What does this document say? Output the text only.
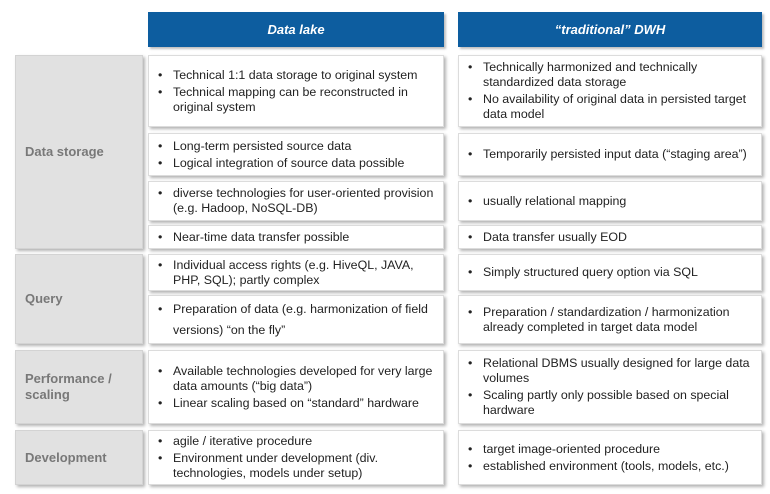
Data lake	“traditional” DWH
Data storage
Query
Performance / scaling
Development
• Technical 1:1 data storage to original system
• Technical mapping can be reconstructed in original system
• Technically harmonized and technically standardized data storage
• No availability of original data in persisted target data model
• Long-term persisted source data
• Logical integration of source data possible
• Temporarily persisted input data (“staging area”)
• diverse technologies for user-oriented provision (e.g. Hadoop, NoSQL-DB)
• usually relational mapping
• Near-time data transfer possible	• Data transfer usually EOD
• Individual access rights (e.g. HiveQL, JAVA, PHP, SQL); partly complex
• Simply structured query option via SQL
• Preparation of data (e.g. harmonization of field versions) “on the fly”
• Preparation / standardization / harmonization already completed in target data model
• Available technologies developed for very large data amounts (“big data”)
• Linear scaling based on “standard” hardware
• Relational DBMS usually designed for large data volumes
• Scaling partly only possible based on special hardware
• agile / iterative procedure
• Environment under development (div. technologies, models under setup)
• target image-oriented procedure
• established environment (tools, models, etc.)
